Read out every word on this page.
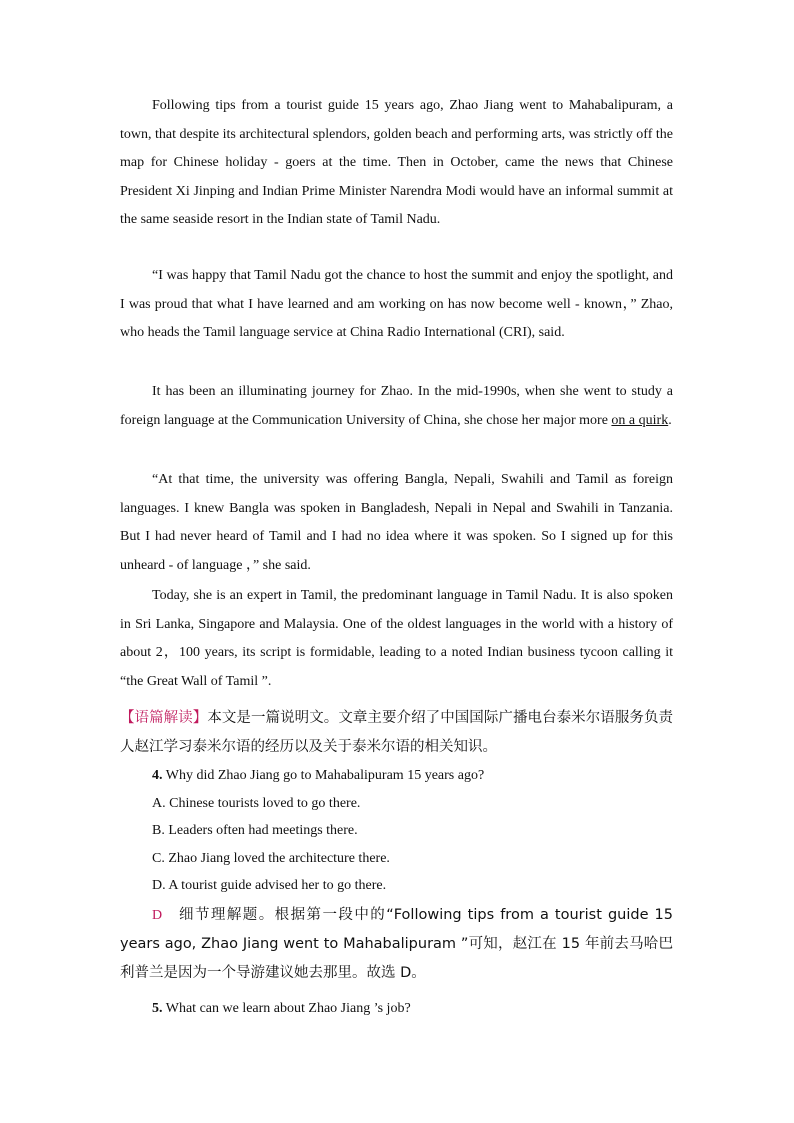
Following tips from a tourist guide 15 years ago, Zhao Jiang went to Mahabalipuram, a town, that despite its architectural splendors, golden beach and performing arts, was strictly off the map for Chinese holiday - goers at the time. Then in October, came the news that Chinese President Xi Jinping and Indian Prime Minister Narendra Modi would have an informal summit at the same seaside resort in the Indian state of Tamil Nadu.

“I was happy that Tamil Nadu got the chance to host the summit and enjoy the spotlight, and I was proud that what I have learned and am working on has now become well - known，” Zhao, who heads the Tamil language service at China Radio International (CRI), said.

It has been an illuminating journey for Zhao. In the mid-1990s, when she went to study a foreign language at the Communication University of China, she chose her major more on a quirk.

“At that time, the university was offering Bangla, Nepali, Swahili and Tamil as foreign languages. I knew Bangla was spoken in Bangladesh, Nepali in Nepal and Swahili in Tanzania. But I had never heard of Tamil and I had no idea where it was spoken. So I signed up for this unheard - of language ，” she said.

Today, she is an expert in Tamil, the predominant language in Tamil Nadu. It is also spoken in Sri Lanka, Singapore and Malaysia. One of the oldest languages in the world with a history of about 2，100 years, its script is formidable, leading to a noted Indian business tycoon calling it “the Great Wall of Tamil ”.

【语篇解读】本文是一篇说明文。文章主要介绍了中国国际广播电台泰米尔语服务负责人赵江学习泰米尔语的经历以及关于泰米尔语的相关知识。

4. Why did Zhao Jiang go to Mahabalipuram 15 years ago?

A. Chinese tourists loved to go there.

B. Leaders often had meetings there.

C. Zhao Jiang loved the architecture there.

D. A tourist guide advised her to go there.

D　 细节理解题。根据第一段中的“Following tips from a tourist guide 15 years ago, Zhao Jiang went to Mahabalipuram ”可知，赵江在 15 年前去马哈巴利普兰是因为一个导游建议她去那里。故选 D。

5. What can we learn about Zhao Jiang ’s job?
